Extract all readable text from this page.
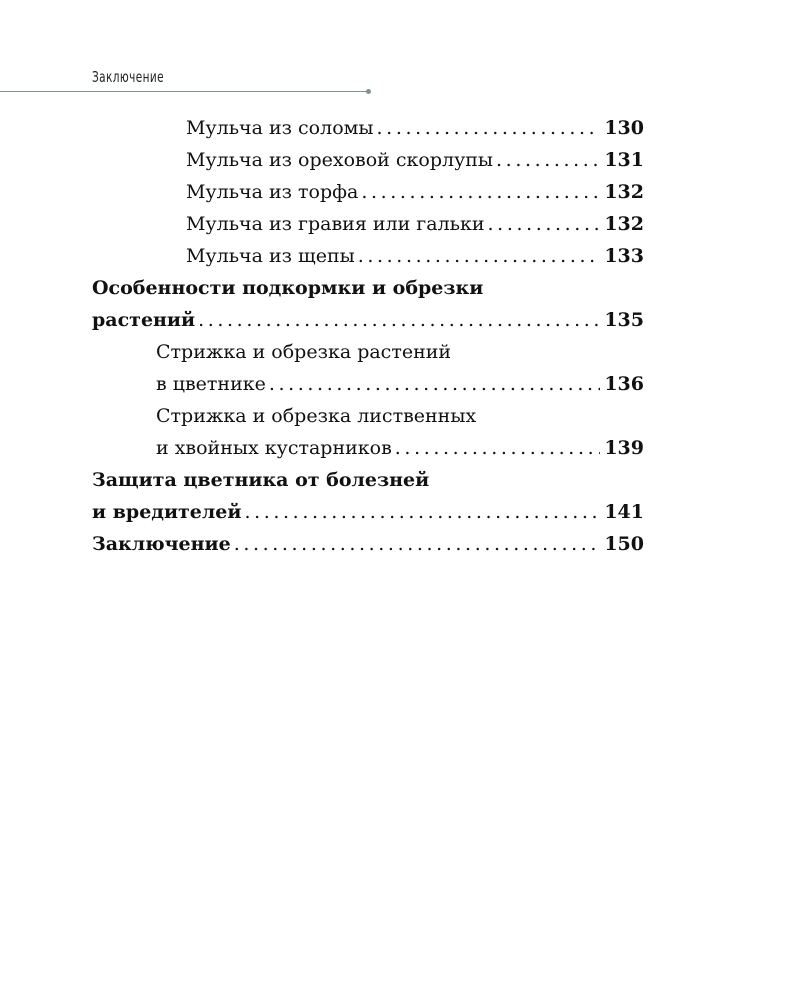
Заключение
Мульча из соломы .....	130
Мульча из ореховой скорлупы .....	131
Мульча из торфа .....	132
Мульча из гравия или гальки .....	132
Мульча из щепы .....	133
Особенности подкормки и обрезки
растений .....	135
Стрижка и обрезка растений
в цветнике .....	136
Стрижка и обрезка лиственных
и хвойных кустарников .....	139
Защита цветника от болезней
и вредителей .....	141
Заключение .....	150
